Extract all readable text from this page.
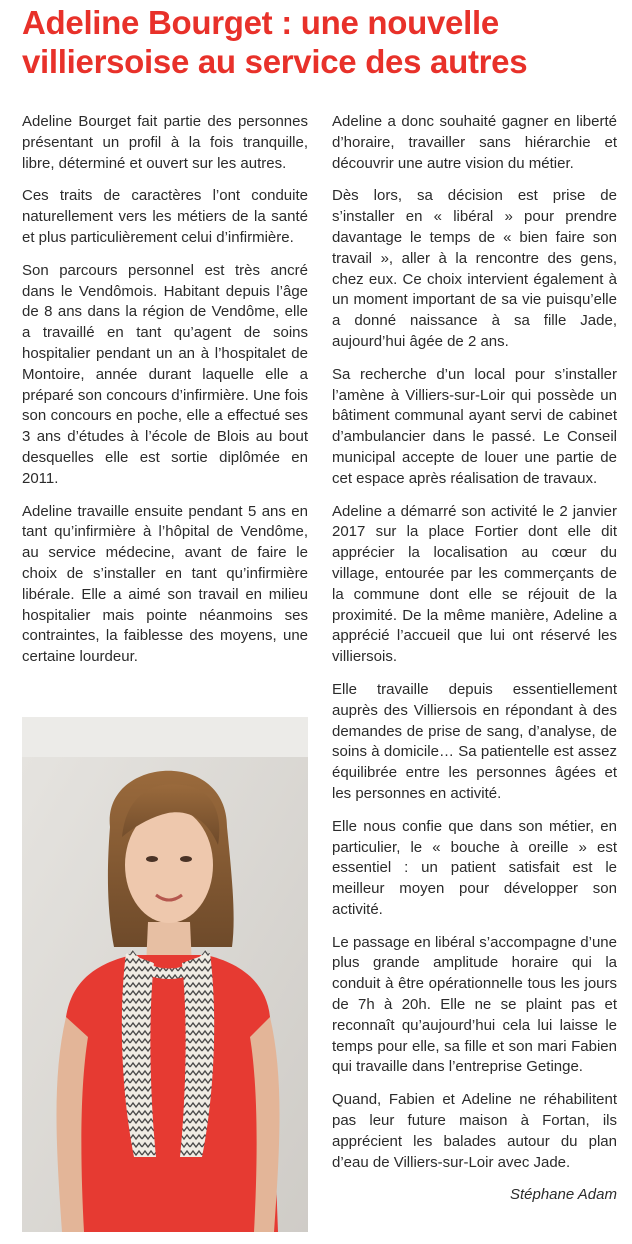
Adeline Bourget : une nouvelle villiersoise au service des autres

Adeline Bourget fait partie des personnes présentant un profil à la fois tranquille, libre, déterminé et ouvert sur les autres.

Ces traits de caractères l’ont conduite naturellement vers les métiers de la santé et plus particulièrement celui d’infirmière.

Son parcours personnel est très ancré dans le Vendômois. Habitant depuis l’âge de 8 ans dans la région de Vendôme, elle a travaillé en tant qu’agent de soins hospitalier pendant un an à l’hospitalet de Montoire, année durant laquelle elle a préparé son concours d’infirmière. Une fois son concours en poche, elle a effectué ses 3 ans d’études à l’école de Blois au bout desquelles elle est sortie diplômée en 2011.

Adeline travaille ensuite pendant 5 ans en tant qu’infirmière à l’hôpital de Vendôme, au service médecine, avant de faire le choix de s’installer en tant qu’infirmière libérale. Elle a aimé son travail en milieu hospitalier mais pointe néanmoins ses contraintes, la faiblesse des moyens, une certaine lourdeur.

Adeline a donc souhaité gagner en liberté d’horaire, travailler sans hiérarchie et découvrir une autre vision du métier.

Dès lors, sa décision est prise de s’installer en « libéral » pour prendre davantage le temps de « bien faire son travail », aller à la rencontre des gens, chez eux. Ce choix intervient également à un moment important de sa vie puisqu’elle a donné naissance à sa fille Jade, aujourd’hui âgée de 2 ans.

Sa recherche d’un local pour s’installer l’amène à Villiers-sur-Loir qui possède un bâtiment communal ayant servi de cabinet d’ambulancier dans le passé. Le Conseil municipal accepte de louer une partie de cet espace après réalisation de travaux.

Adeline a démarré son activité le 2 janvier 2017 sur la place Fortier dont elle dit apprécier la localisation au cœur du village, entourée par les commerçants de la commune dont elle se réjouit de la proximité. De la même manière, Adeline a apprécié l’accueil que lui ont réservé les villiersois.

Elle travaille depuis essentiellement auprès des Villiersois en répondant à des demandes de prise de sang, d’analyse, de soins à domicile… Sa patientelle est assez équilibrée entre les personnes âgées et les personnes en activité.

Elle nous confie que dans son métier, en particulier, le « bouche à oreille » est essentiel : un patient satisfait est le meilleur moyen pour développer son activité.

Le passage en libéral s’accompagne d’une plus grande amplitude horaire qui la conduit à être opérationnelle tous les jours de 7h à 20h. Elle ne se plaint pas et reconnaît qu’aujourd’hui cela lui laisse le temps pour elle, sa fille et son mari Fabien qui travaille dans l’entreprise Getinge.

Quand, Fabien et Adeline ne réhabilitent pas leur future maison à Fortan, ils apprécient les balades autour du plan d’eau de Villiers-sur-Loir avec Jade.

Stéphane Adam
